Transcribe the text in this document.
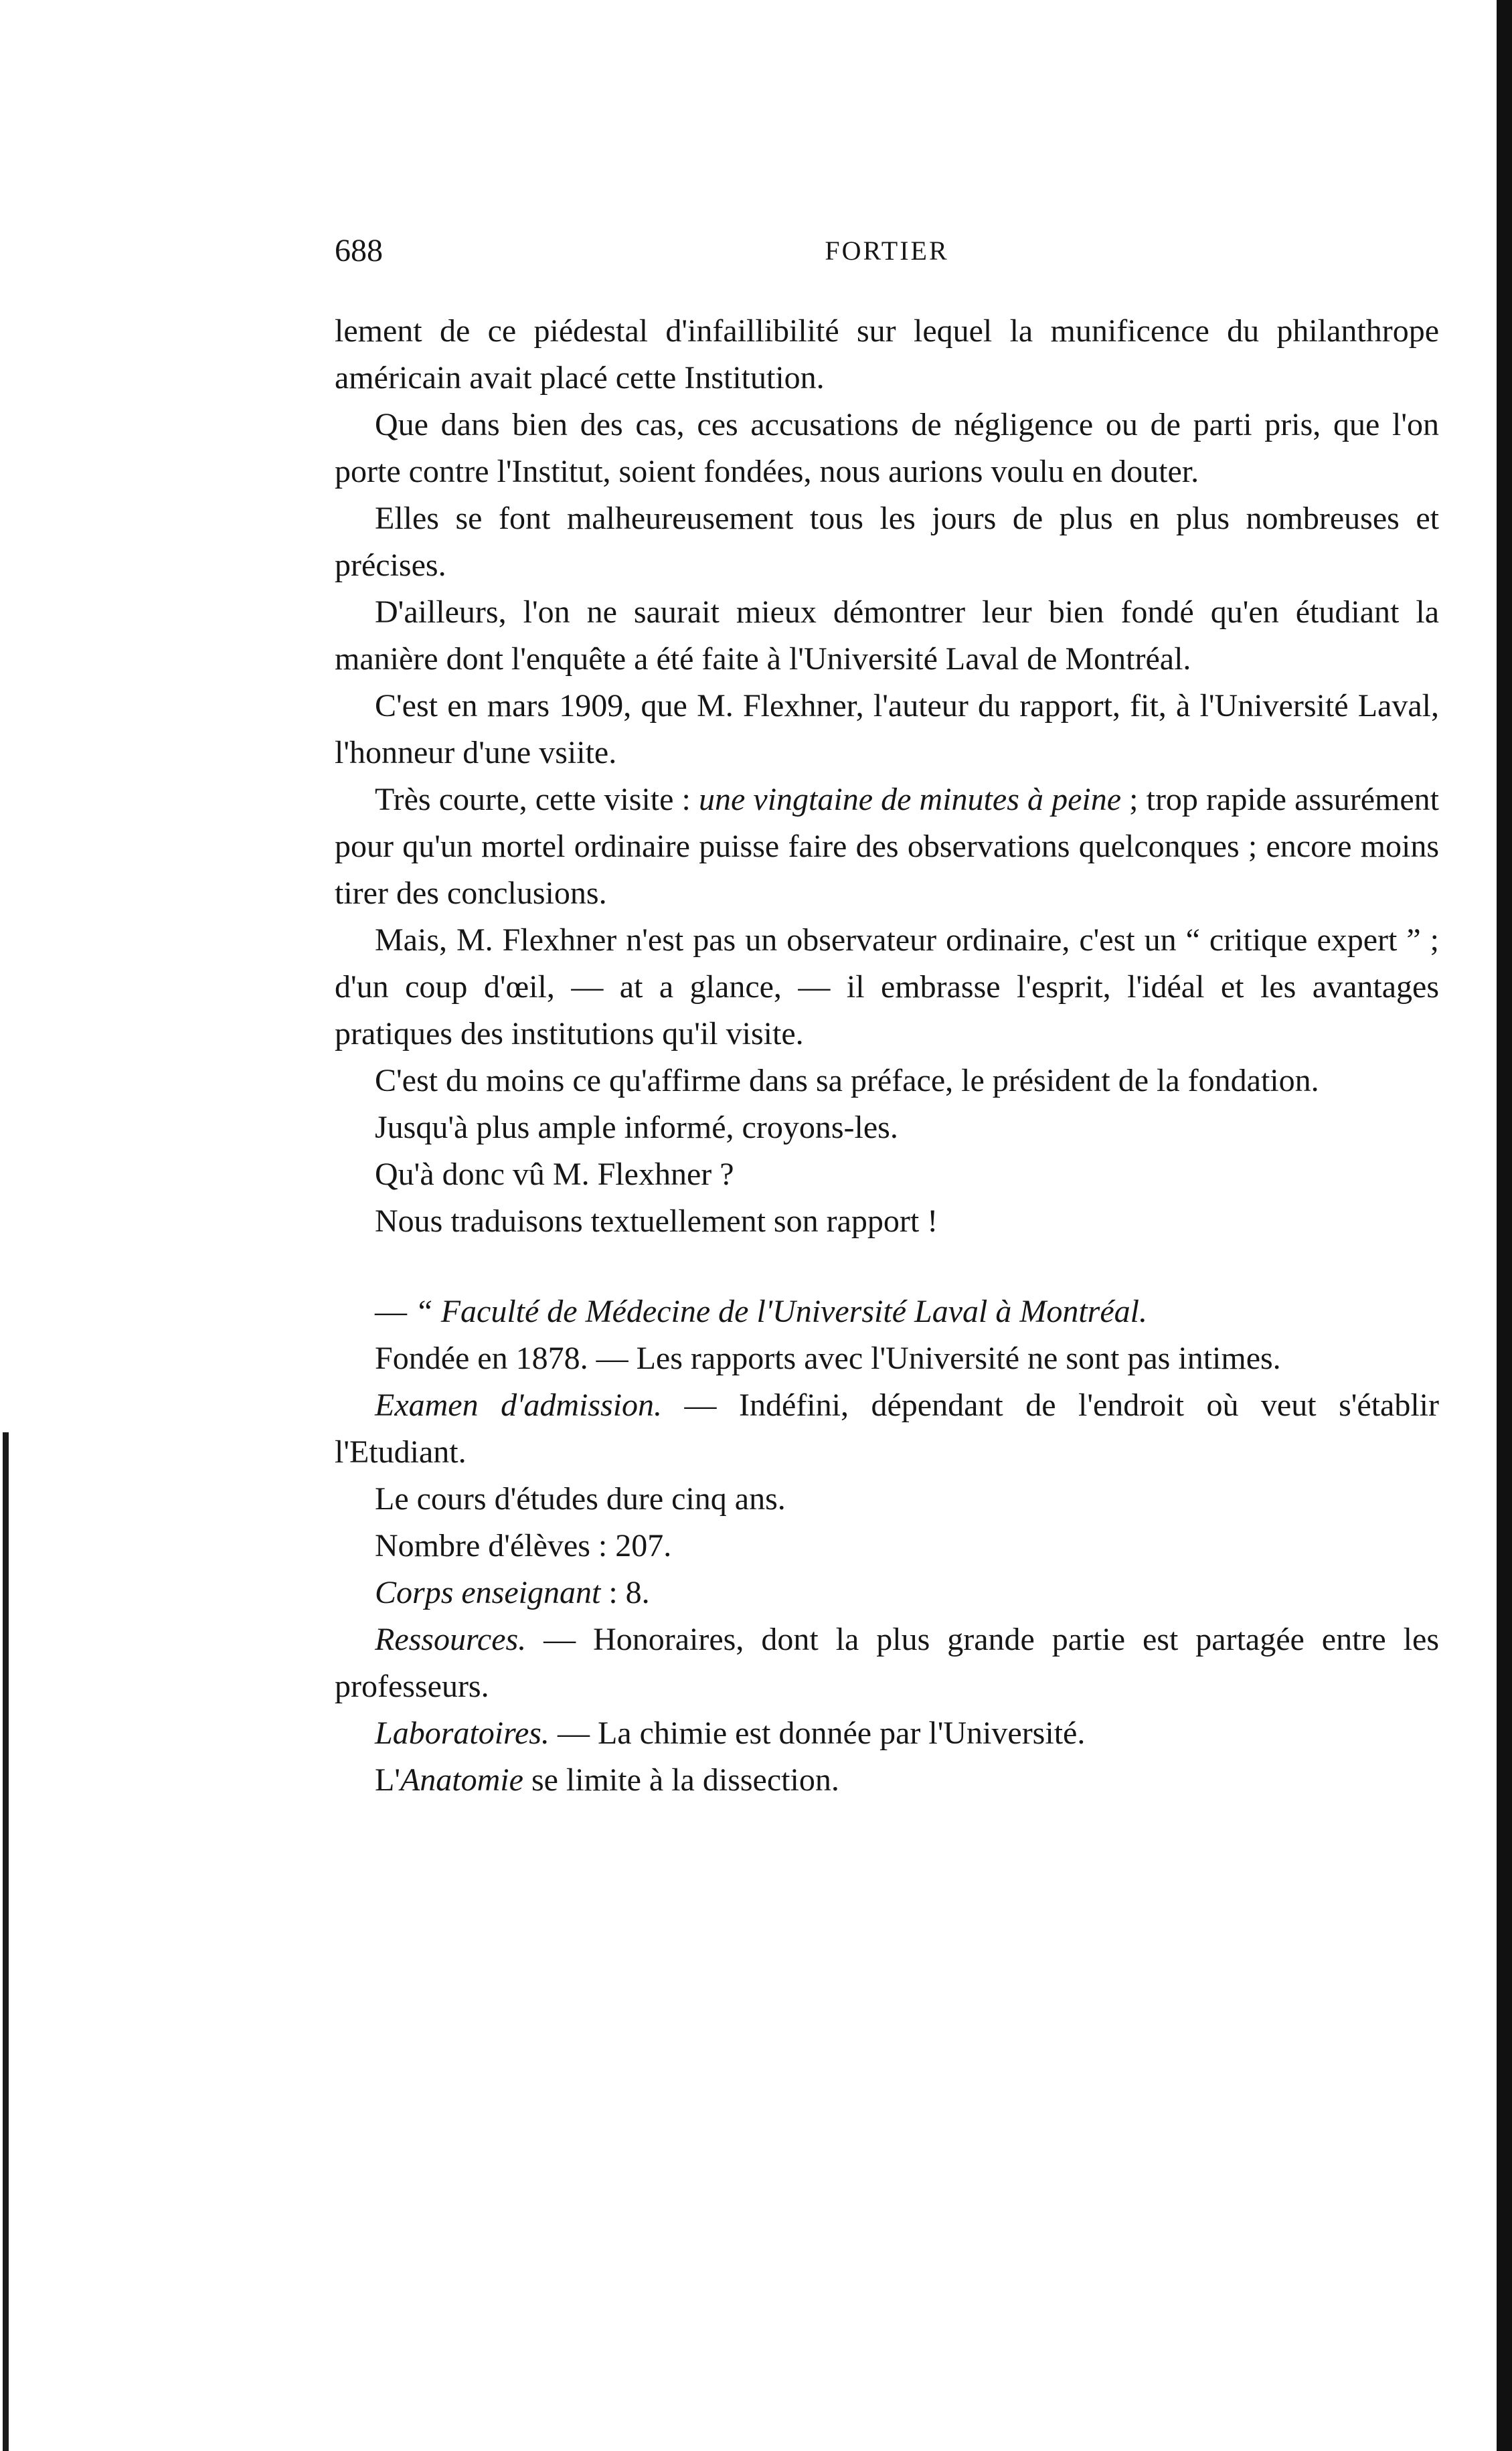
688	FORTIER

lement de ce piédestal d'infaillibilité sur lequel la munificence du philanthrope américain avait placé cette Institution.

Que dans bien des cas, ces accusations de négligence ou de parti pris, que l'on porte contre l'Institut, soient fondées, nous aurions voulu en douter.

Elles se font malheureusement tous les jours de plus en plus nombreuses et précises.

D'ailleurs, l'on ne saurait mieux démontrer leur bien fondé qu'en étudiant la manière dont l'enquête a été faite à l'Université Laval de Montréal.

C'est en mars 1909, que M. Flexhner, l'auteur du rapport, fit, à l'Université Laval, l'honneur d'une vsiite.

Très courte, cette visite : une vingtaine de minutes à peine ; trop rapide assurément pour qu'un mortel ordinaire puisse faire des observations quelconques ; encore moins tirer des conclusions.

Mais, M. Flexhner n'est pas un observateur ordinaire, c'est un “ critique expert ” ; d'un coup d'œil, — at a glance, — il embrasse l'esprit, l'idéal et les avantages pratiques des institutions qu'il visite.

C'est du moins ce qu'affirme dans sa préface, le président de la fondation.

Jusqu'à plus ample informé, croyons-les.

Qu'à donc vû M. Flexhner ?

Nous traduisons textuellement son rapport !

— “ Faculté de Médecine de l'Université Laval à Montréal.

Fondée en 1878. — Les rapports avec l'Université ne sont pas intimes.

Examen d'admission. — Indéfini, dépendant de l'endroit où veut s'établir l'Etudiant.

Le cours d'études dure cinq ans.

Nombre d'élèves : 207.

Corps enseignant : 8.

Ressources. — Honoraires, dont la plus grande partie est partagée entre les professeurs.

Laboratoires. — La chimie est donnée par l'Université.

L'Anatomie se limite à la dissection.
